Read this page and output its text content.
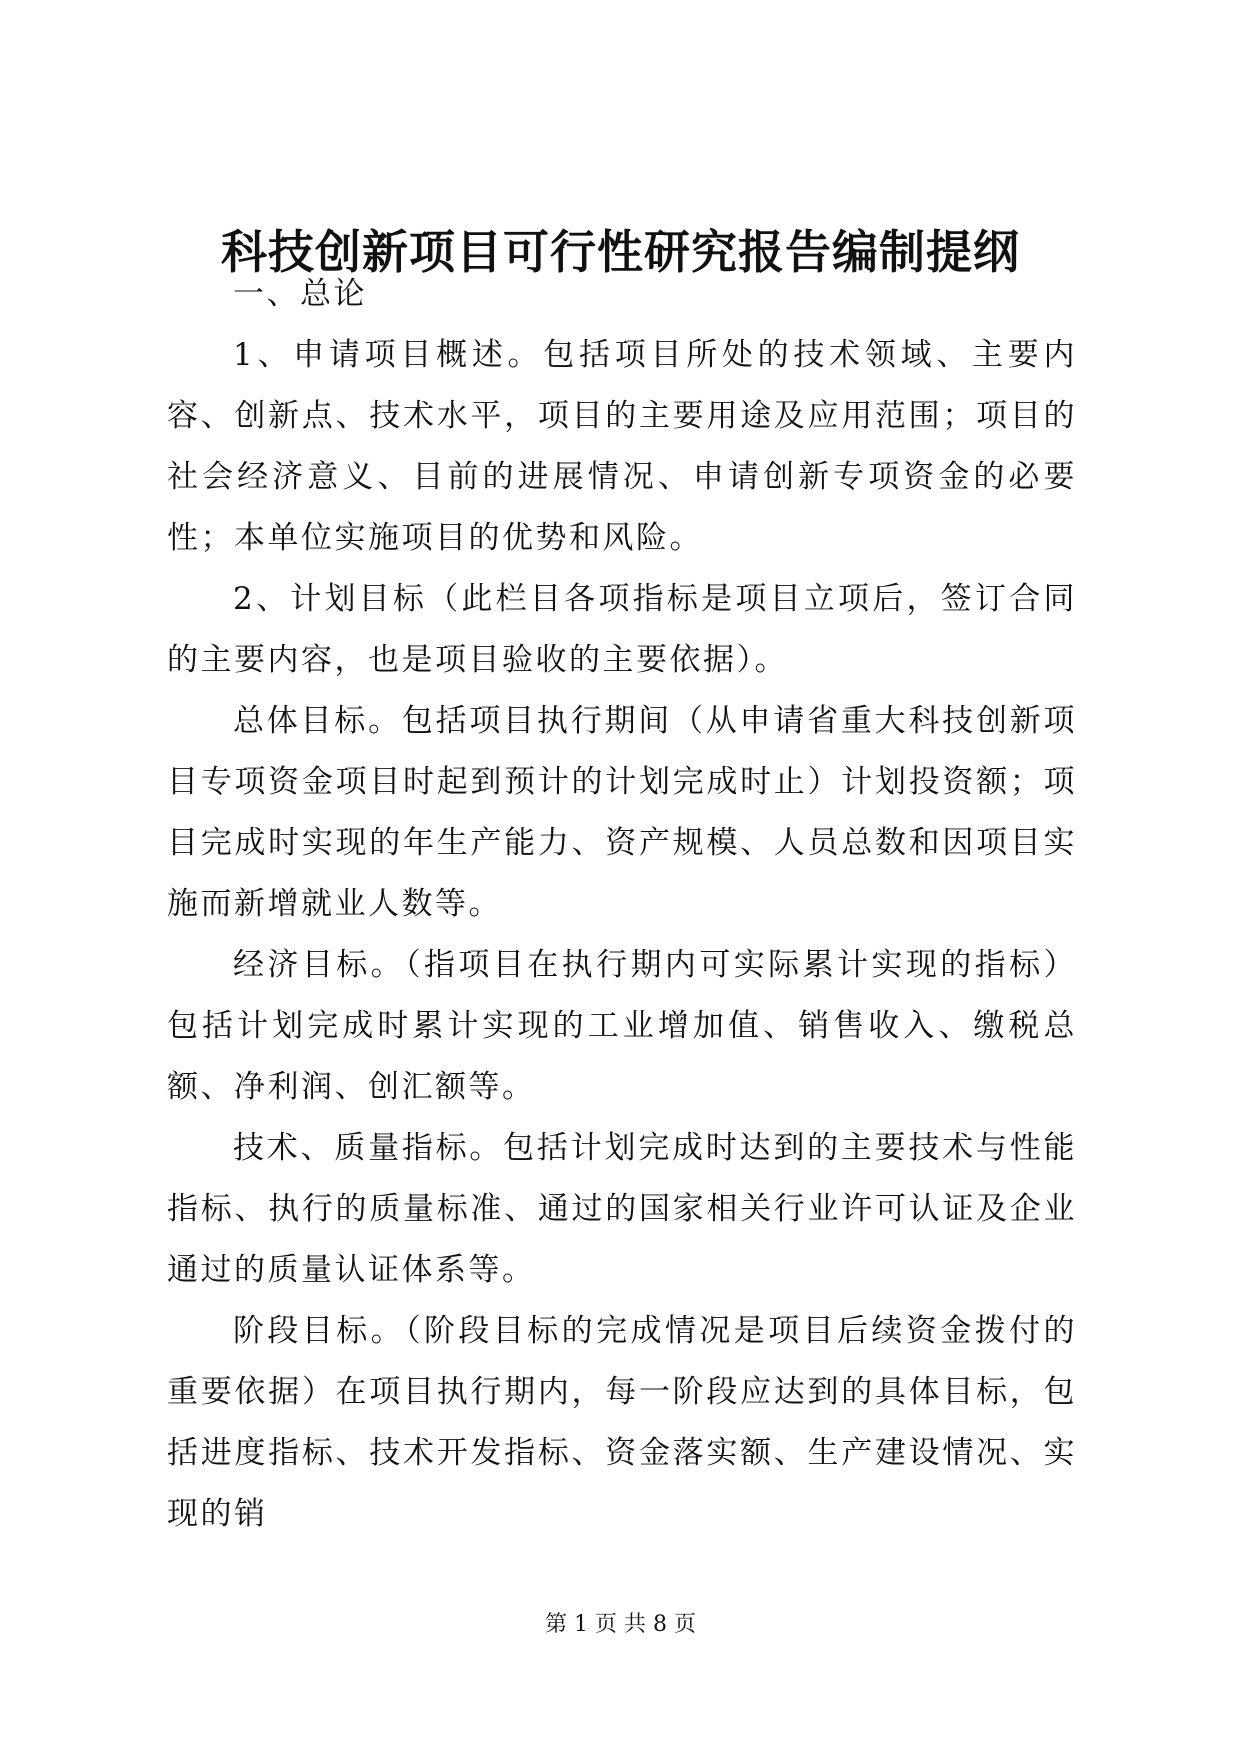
科技创新项目可行性研究报告编制提纲

一、总论

1、申请项目概述。包括项目所处的技术领域、主要内容、创新点、技术水平，项目的主要用途及应用范围；项目的社会经济意义、目前的进展情况、申请创新专项资金的必要性；本单位实施项目的优势和风险。

2、计划目标（此栏目各项指标是项目立项后，签订合同的主要内容，也是项目验收的主要依据）。

总体目标。包括项目执行期间（从申请省重大科技创新项目专项资金项目时起到预计的计划完成时止）计划投资额；项目完成时实现的年生产能力、资产规模、人员总数和因项目实施而新增就业人数等。

经济目标。（指项目在执行期内可实际累计实现的指标）包括计划完成时累计实现的工业增加值、销售收入、缴税总额、净利润、创汇额等。

技术、质量指标。包括计划完成时达到的主要技术与性能指标、执行的质量标准、通过的国家相关行业许可认证及企业通过的质量认证体系等。

阶段目标。（阶段目标的完成情况是项目后续资金拨付的重要依据）在项目执行期内，每一阶段应达到的具体目标，包括进度指标、技术开发指标、资金落实额、生产建设情况、实现的销

第 1 页 共 8 页
